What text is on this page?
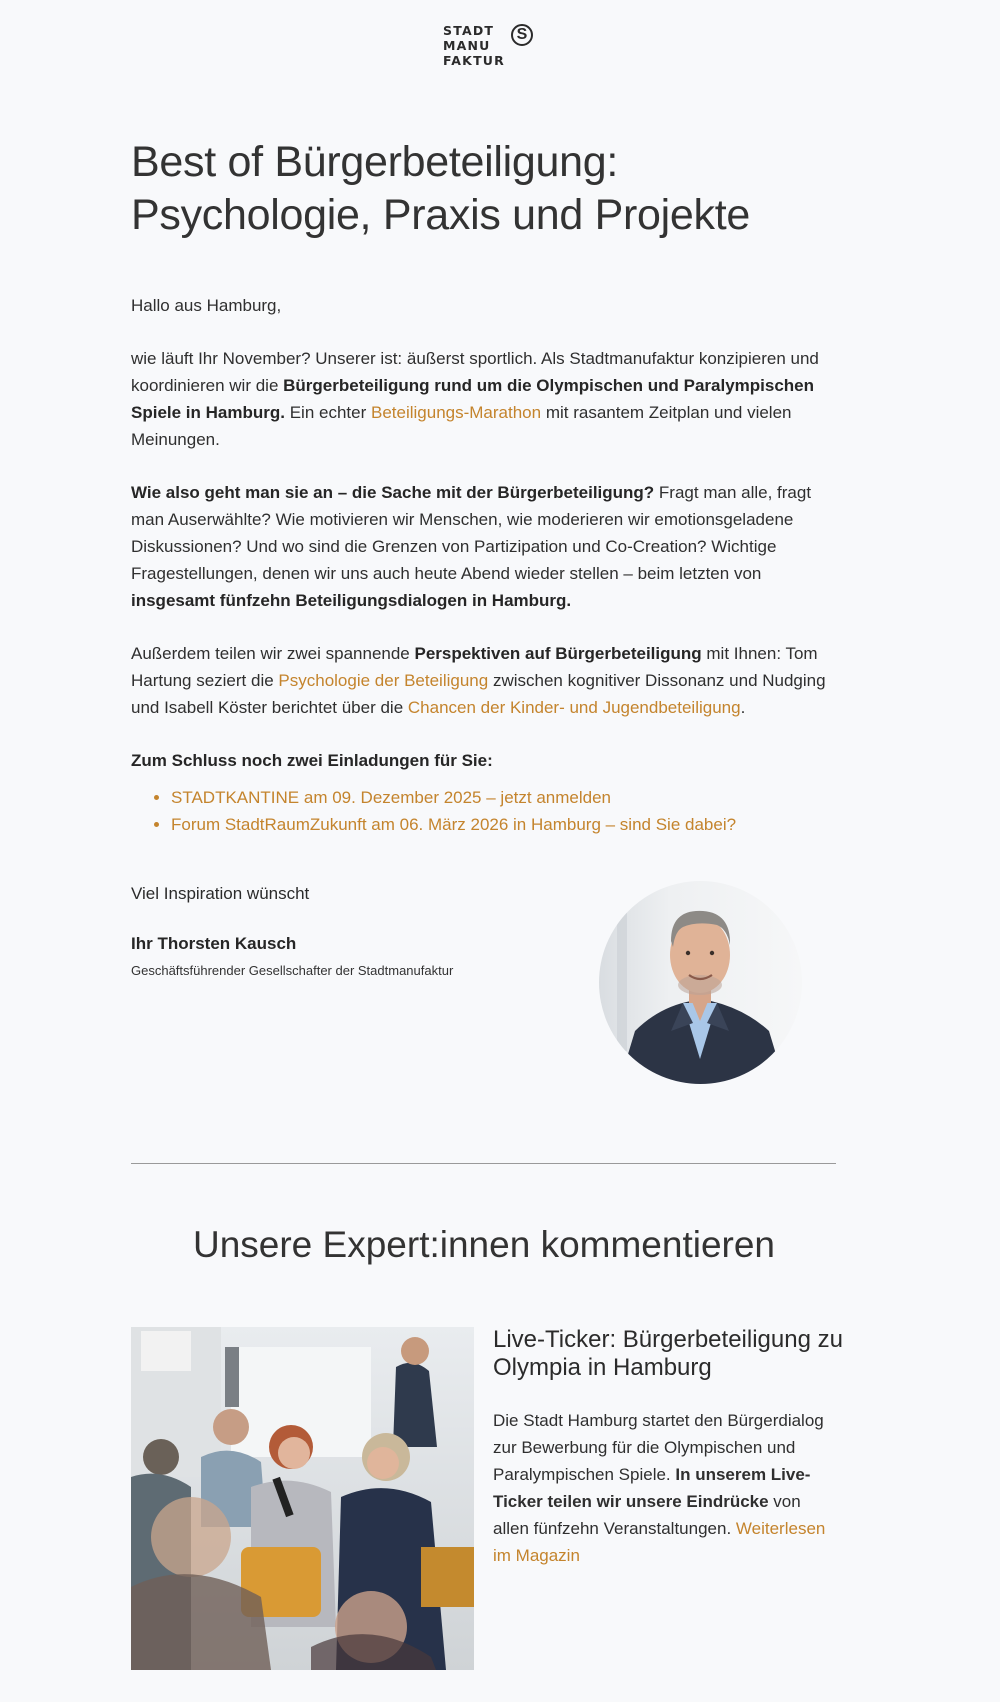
STADT
MANU
FAKTUR
S
Best of Bürgerbeteiligung:
Psychologie, Praxis und Projekte

Hallo aus Hamburg,

wie läuft Ihr November? Unserer ist: äußerst sportlich. Als Stadtmanufaktur konzipieren und koordinieren wir die Bürgerbeteiligung rund um die Olympischen und Paralympischen Spiele in Hamburg. Ein echter Beteiligungs-Marathon mit rasantem Zeitplan und vielen Meinungen.

Wie also geht man sie an – die Sache mit der Bürgerbeteiligung? Fragt man alle, fragt man Auserwählte? Wie motivieren wir Menschen, wie moderieren wir emotionsgeladene Diskussionen? Und wo sind die Grenzen von Partizipation und Co-Creation? Wichtige Fragestellungen, denen wir uns auch heute Abend wieder stellen – beim letzten von insgesamt fünfzehn Beteiligungsdialogen in Hamburg.

Außerdem teilen wir zwei spannende Perspektiven auf Bürgerbeteiligung mit Ihnen: Tom Hartung seziert die Psychologie der Beteiligung zwischen kognitiver Dissonanz und Nudging und Isabell Köster berichtet über die Chancen der Kinder- und Jugendbeteiligung.

Zum Schluss noch zwei Einladungen für Sie:

• STADTKANTINE am 09. Dezember 2025 – jetzt anmelden
• Forum StadtRaumZukunft am 06. März 2026 in Hamburg – sind Sie dabei?
Viel Inspiration wünscht
Ihr Thorsten Kausch
Geschäftsführender Gesellschafter der Stadtmanufaktur
Unsere Expert:innen kommentieren
Live-Ticker: Bürgerbeteiligung zu Olympia in Hamburg
Die Stadt Hamburg startet den Bürgerdialog zur Bewerbung für die Olympischen und Paralympischen Spiele. In unserem Live-Ticker teilen wir unsere Eindrücke von allen fünfzehn Veranstaltungen. Weiterlesen im Magazin
